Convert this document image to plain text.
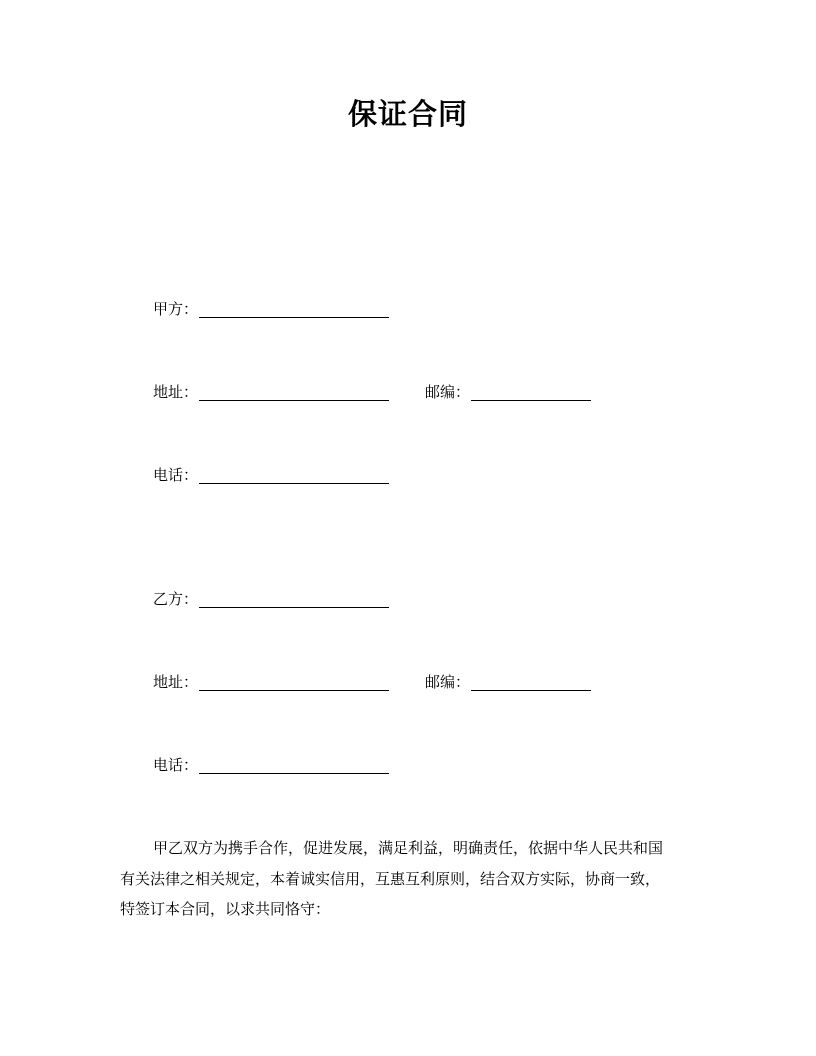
保证合同
甲方：
地址：	邮编：
电话：
乙方：
地址：	邮编：
电话：

甲乙双方为携手合作，促进发展，满足利益，明确责任，依据中华人民共和国
有关法律之相关规定，本着诚实信用，互惠互利原则，结合双方实际，协商一致，
特签订本合同，以求共同恪守：
